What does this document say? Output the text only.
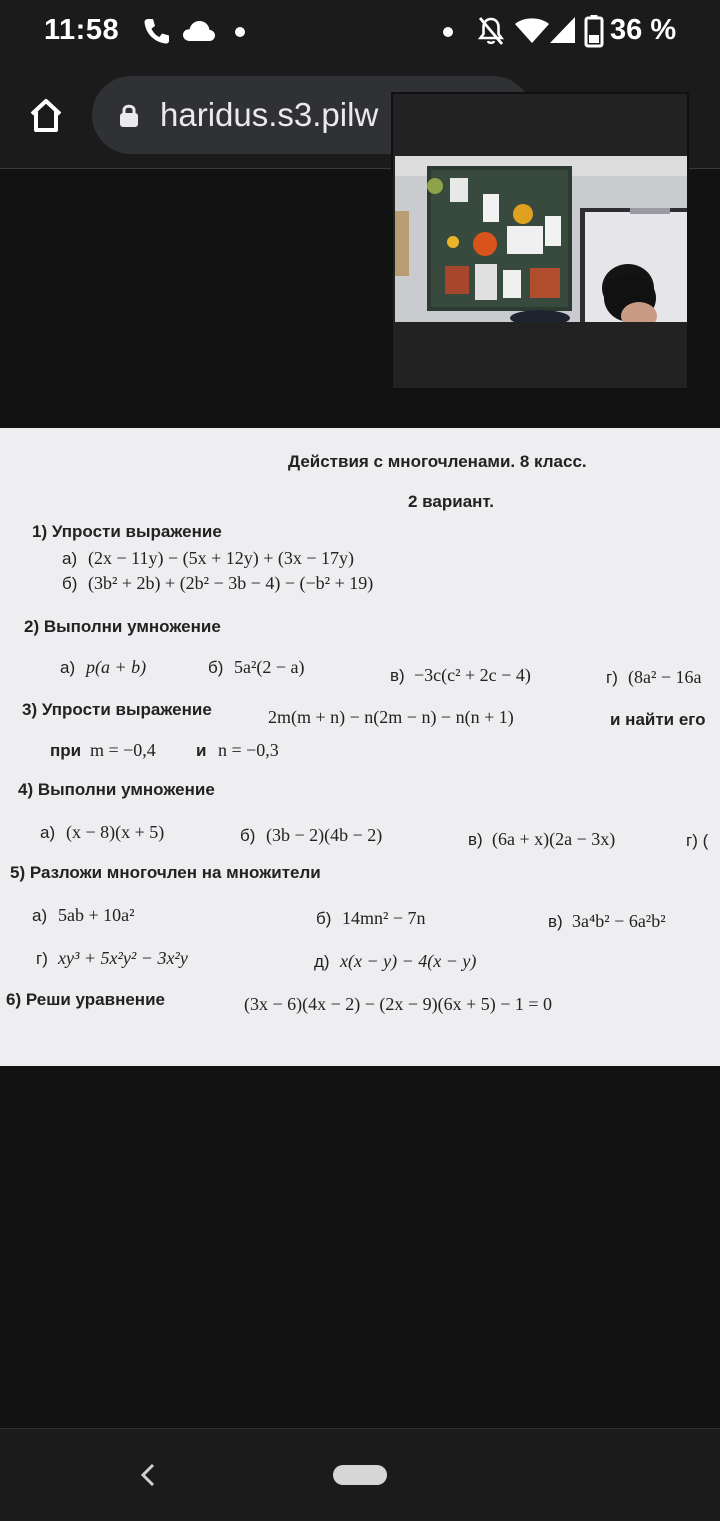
11:58	36 %
haridus.s3.pilw
Действия с многочленами. 8 класс.
2 вариант.
1) Упрости выражение
а) (2x − 11y) − (5x + 12y) + (3x − 17y)
б) (3b² + 2b) + (2b² − 3b − 4) − (−b² + 19)
2) Выполни умножение
а) p(a + b)	б) 5a²(2 − a)	в) −3c(c² + 2c − 4)	г) (8a² − 16a
3) Упрости выражение	2m(m + n) − n(2m − n) − n(n + 1)	и найти его
при m = −0,4 и n = −0,3
4) Выполни умножение
а) (x − 8)(x + 5)	б) (3b − 2)(4b − 2)	в) (6a + x)(2a − 3x)	г) (
5) Разложи многочлен на множители
а) 5ab + 10a²	б) 14mn² − 7n	в) 3a⁴b² − 6a²b²
г) xy³ + 5x²y² − 3x²y	д) x(x − y) − 4(x − y)
6) Реши уравнение	(3x − 6)(4x − 2) − (2x − 9)(6x + 5) − 1 = 0
